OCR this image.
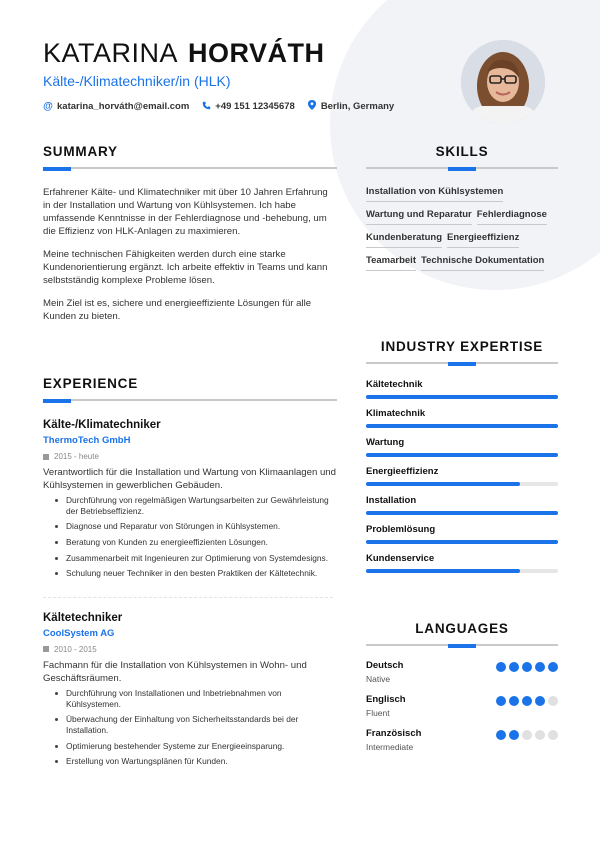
KATARINA HORVÁTH
Kälte-/Klimatechniker/in (HLK)
@ katarina_horváth@email.com	+49 151 12345678	Berlin, Germany
SUMMARY

Erfahrener Kälte- und Klimatechniker mit über 10 Jahren Erfahrung in der Installation und Wartung von Kühlsystemen. Ich habe umfassende Kenntnisse in der Fehlerdiagnose und -behebung, um die Effizienz von HLK-Anlagen zu maximieren.

Meine technischen Fähigkeiten werden durch eine starke Kundenorientierung ergänzt. Ich arbeite effektiv in Teams und kann selbstständig komplexe Probleme lösen.

Mein Ziel ist es, sichere und energieeffiziente Lösungen für alle Kunden zu bieten.

EXPERIENCE
Kälte-/Klimatechniker
ThermoTech GmbH
2015 - heute
Verantwortlich für die Installation und Wartung von Klimaanlagen und Kühlsystemen in gewerblichen Gebäuden.
Durchführung von regelmäßigen Wartungsarbeiten zur Gewährleistung der Betriebseffizienz.
Diagnose und Reparatur von Störungen in Kühlsystemen.
Beratung von Kunden zu energieeffizienten Lösungen.
Zusammenarbeit mit Ingenieuren zur Optimierung von Systemdesigns.
Schulung neuer Techniker in den besten Praktiken der Kältetechnik.
Kältetechniker
CoolSystem AG
2010 - 2015
Fachmann für die Installation von Kühlsystemen in Wohn- und Geschäftsräumen.
Durchführung von Installationen und Inbetriebnahmen von Kühlsystemen.
Überwachung der Einhaltung von Sicherheitsstandards bei der Installation.
Optimierung bestehender Systeme zur Energieeinsparung.
Erstellung von Wartungsplänen für Kunden.
SKILLS
Installation von Kühlsystemen
Wartung und Reparatur Fehlerdiagnose
Kundenberatung Energieeffizienz
Teamarbeit Technische Dokumentation
INDUSTRY EXPERTISE
Kältetechnik
Klimatechnik
Wartung
Energieeffizienz
Installation
Problemlösung
Kundenservice
LANGUAGES
Deutsch
Native
Englisch
Fluent
Französisch
Intermediate
